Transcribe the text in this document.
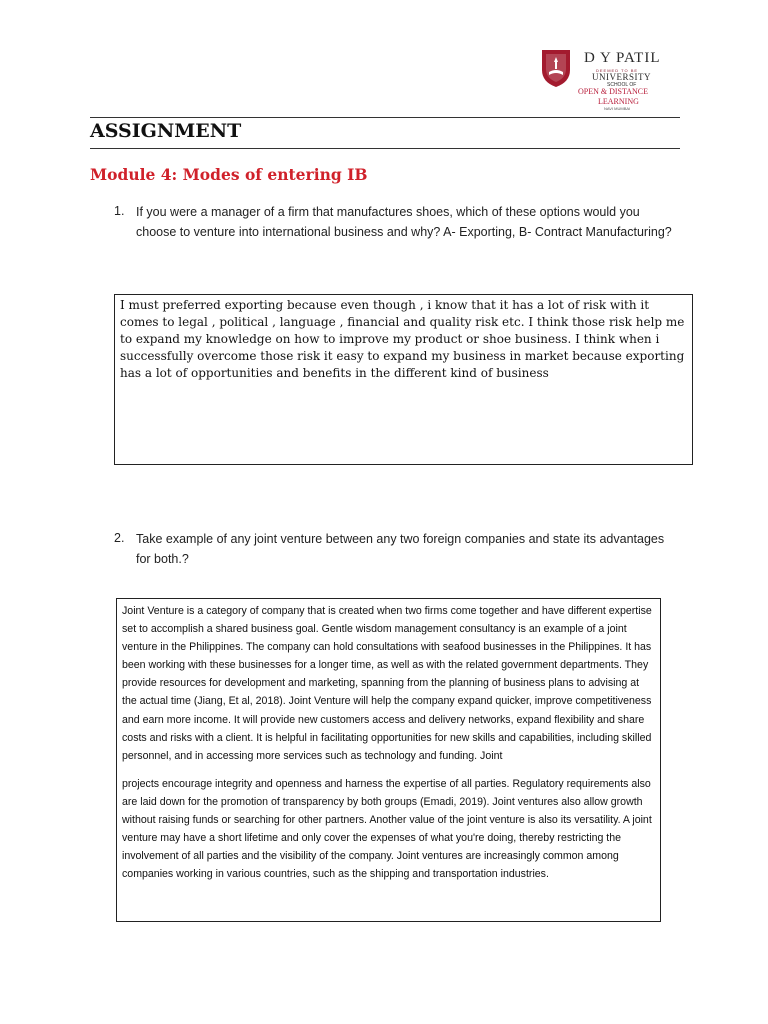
D Y PATIL
DEEMED TO BE
UNIVERSITY
SCHOOL OF
OPEN & DISTANCE
LEARNING
NAVI MUMBAI
ASSIGNMENT
Module 4: Modes of entering IB
1. If you were a manager of a firm that manufactures shoes, which of these options would you choose to venture into international business and why? A- Exporting, B- Contract Manufacturing?

I must preferred exporting because even though , i know that it has a lot of risk with it comes to legal , political , language , financial and quality risk etc. I think those risk help me to expand my knowledge on how to improve my product or shoe business. I think when i successfully overcome those risk it easy to expand my business in market because exporting has a lot of opportunities and benefits in the different kind of business

2. Take example of any joint venture between any two foreign companies and state its advantages for both.?

Joint Venture is a category of company that is created when two firms come together and have different expertise set to accomplish a shared business goal. Gentle wisdom management consultancy is an example of a joint venture in the Philippines. The company can hold consultations with seafood businesses in the Philippines. It has been working with these businesses for a longer time, as well as with the related government departments. They provide resources for development and marketing, spanning from the planning of business plans to advising at the actual time (Jiang, Et al, 2018). Joint Venture will help the company expand quicker, improve competitiveness and earn more income. It will provide new customers access and delivery networks, expand flexibility and share costs and risks with a client. It is helpful in facilitating opportunities for new skills and capabilities, including skilled personnel, and in accessing more services such as technology and funding. Joint

projects encourage integrity and openness and harness the expertise of all parties. Regulatory requirements also are laid down for the promotion of transparency by both groups (Emadi, 2019). Joint ventures also allow growth without raising funds or searching for other partners. Another value of the joint venture is also its versatility. A joint venture may have a short lifetime and only cover the expenses of what you're doing, thereby restricting the involvement of all parties and the visibility of the company. Joint ventures are increasingly common among companies working in various countries, such as the shipping and transportation industries.
